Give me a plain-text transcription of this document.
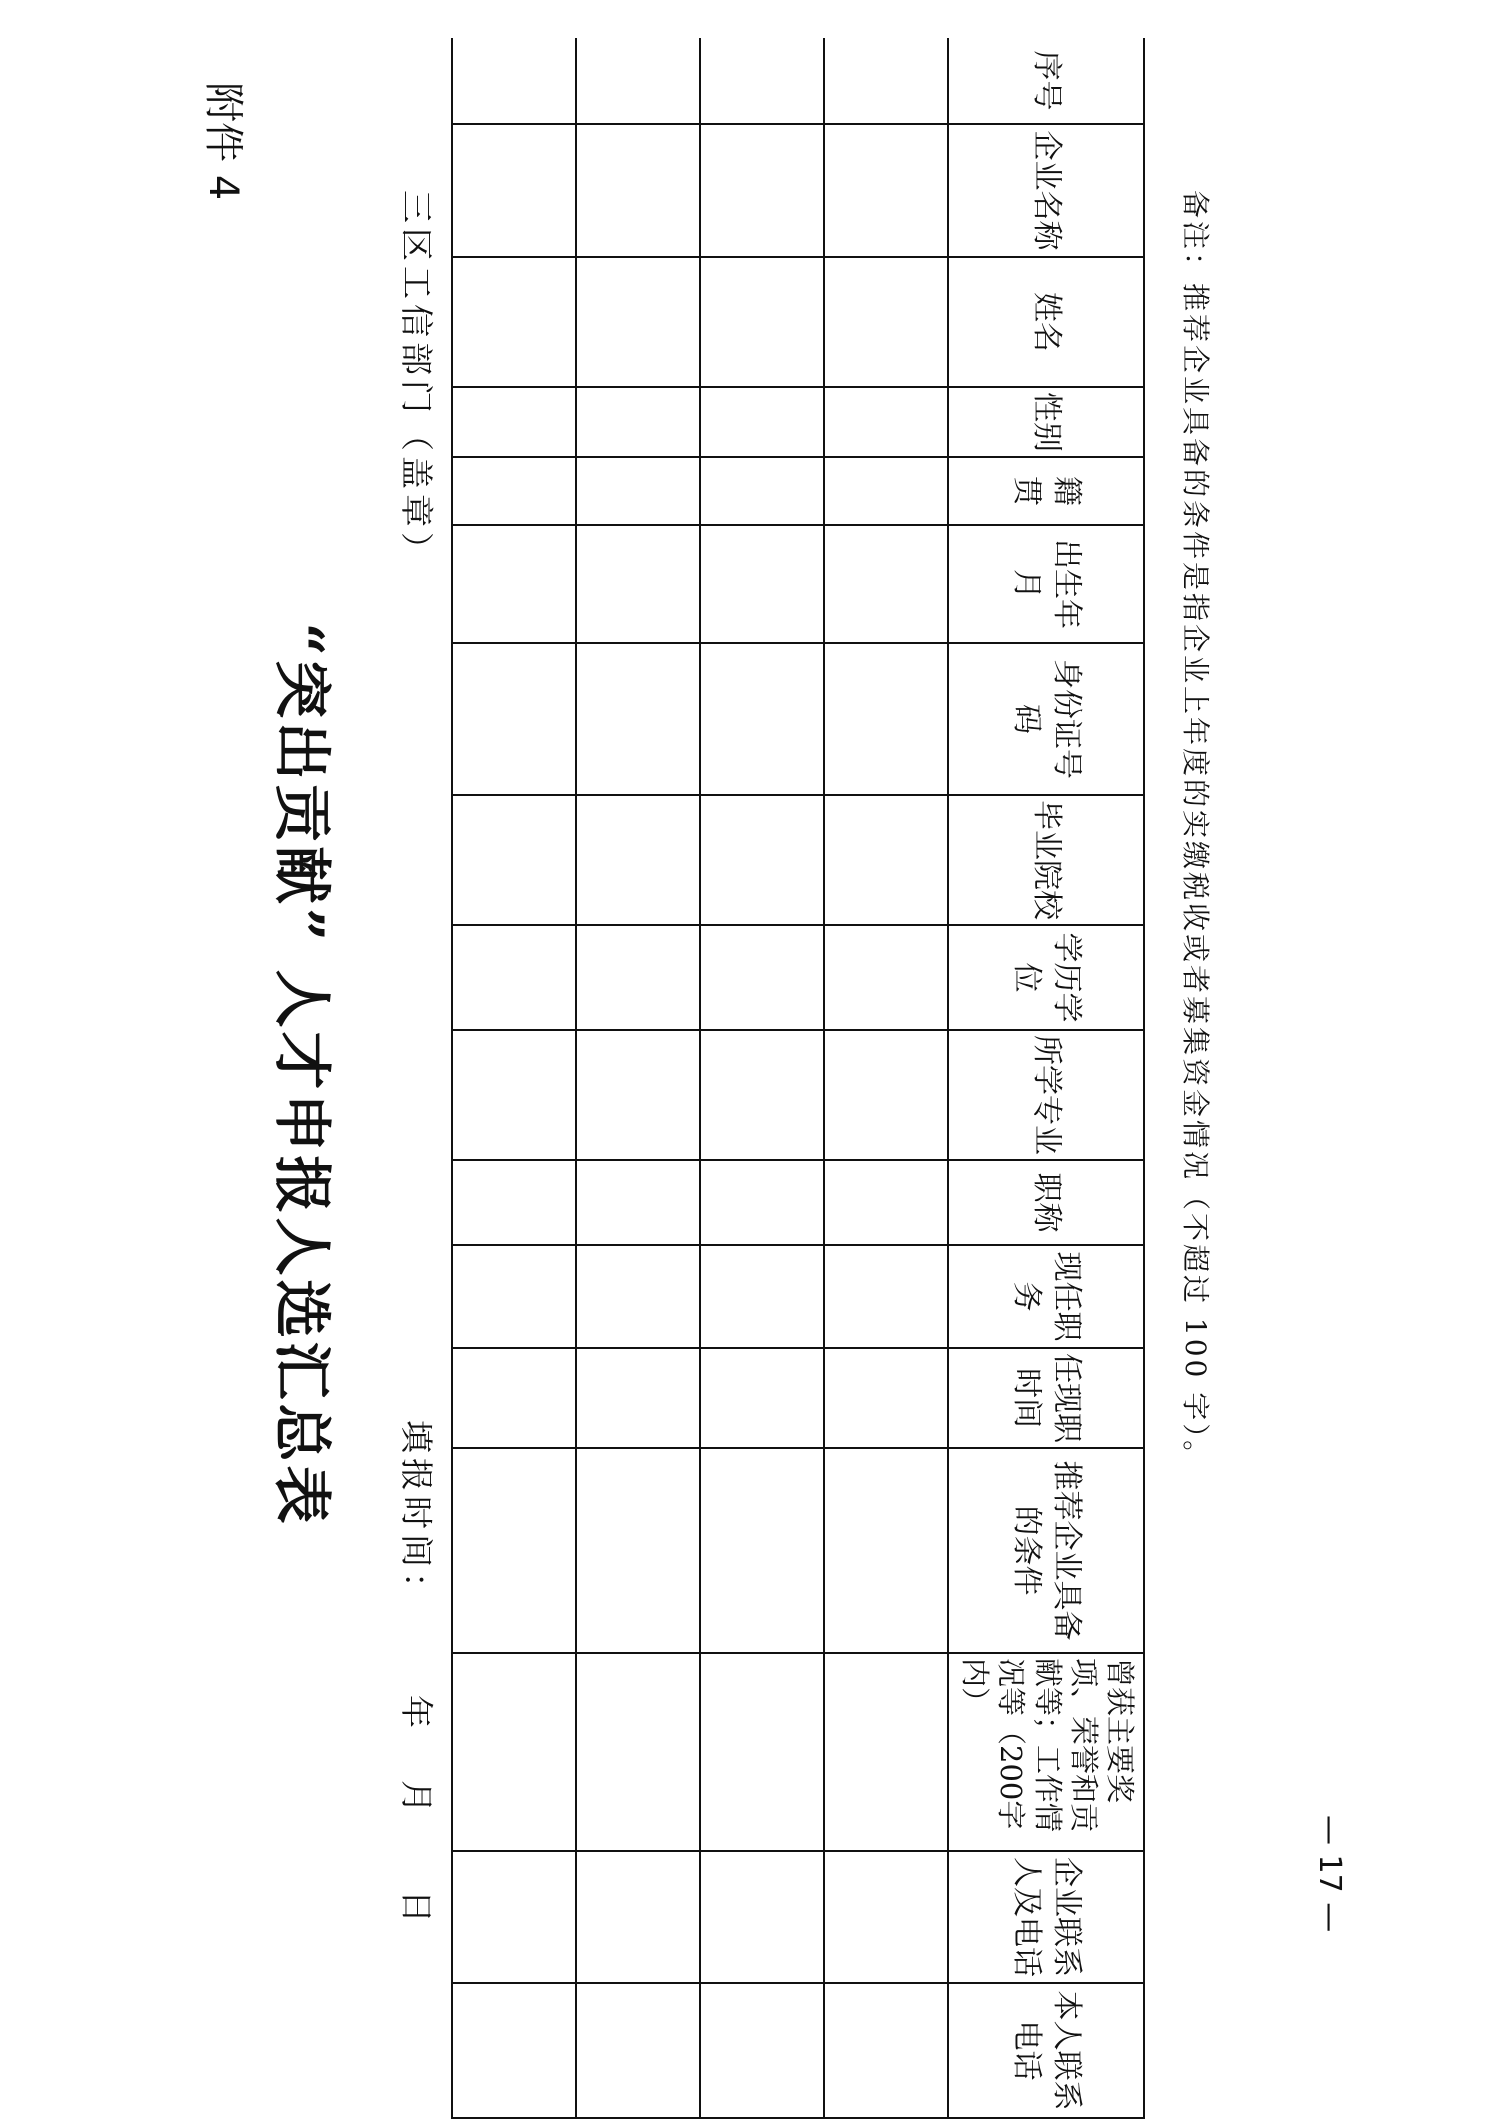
附件 4
“突出贡献” 人才申报人选汇总表
三区工信部门（盖章）
填报时间：
年
月
日
序号	企业名称	姓名	性别	籍贯	出生年月	身份证号码	毕业院校	学历学位	所学专业	职称	现任职务	任现职时间	推荐企业具备的条件	曾获主要奖项、荣誉和贡献等；工作情况等（200字内）	企业联系人及电话	本人联系电话

备注：推荐企业具备的条件是指企业上年度的实缴税收或者募集资金情况（不超过 100 字）。
— 17 —
